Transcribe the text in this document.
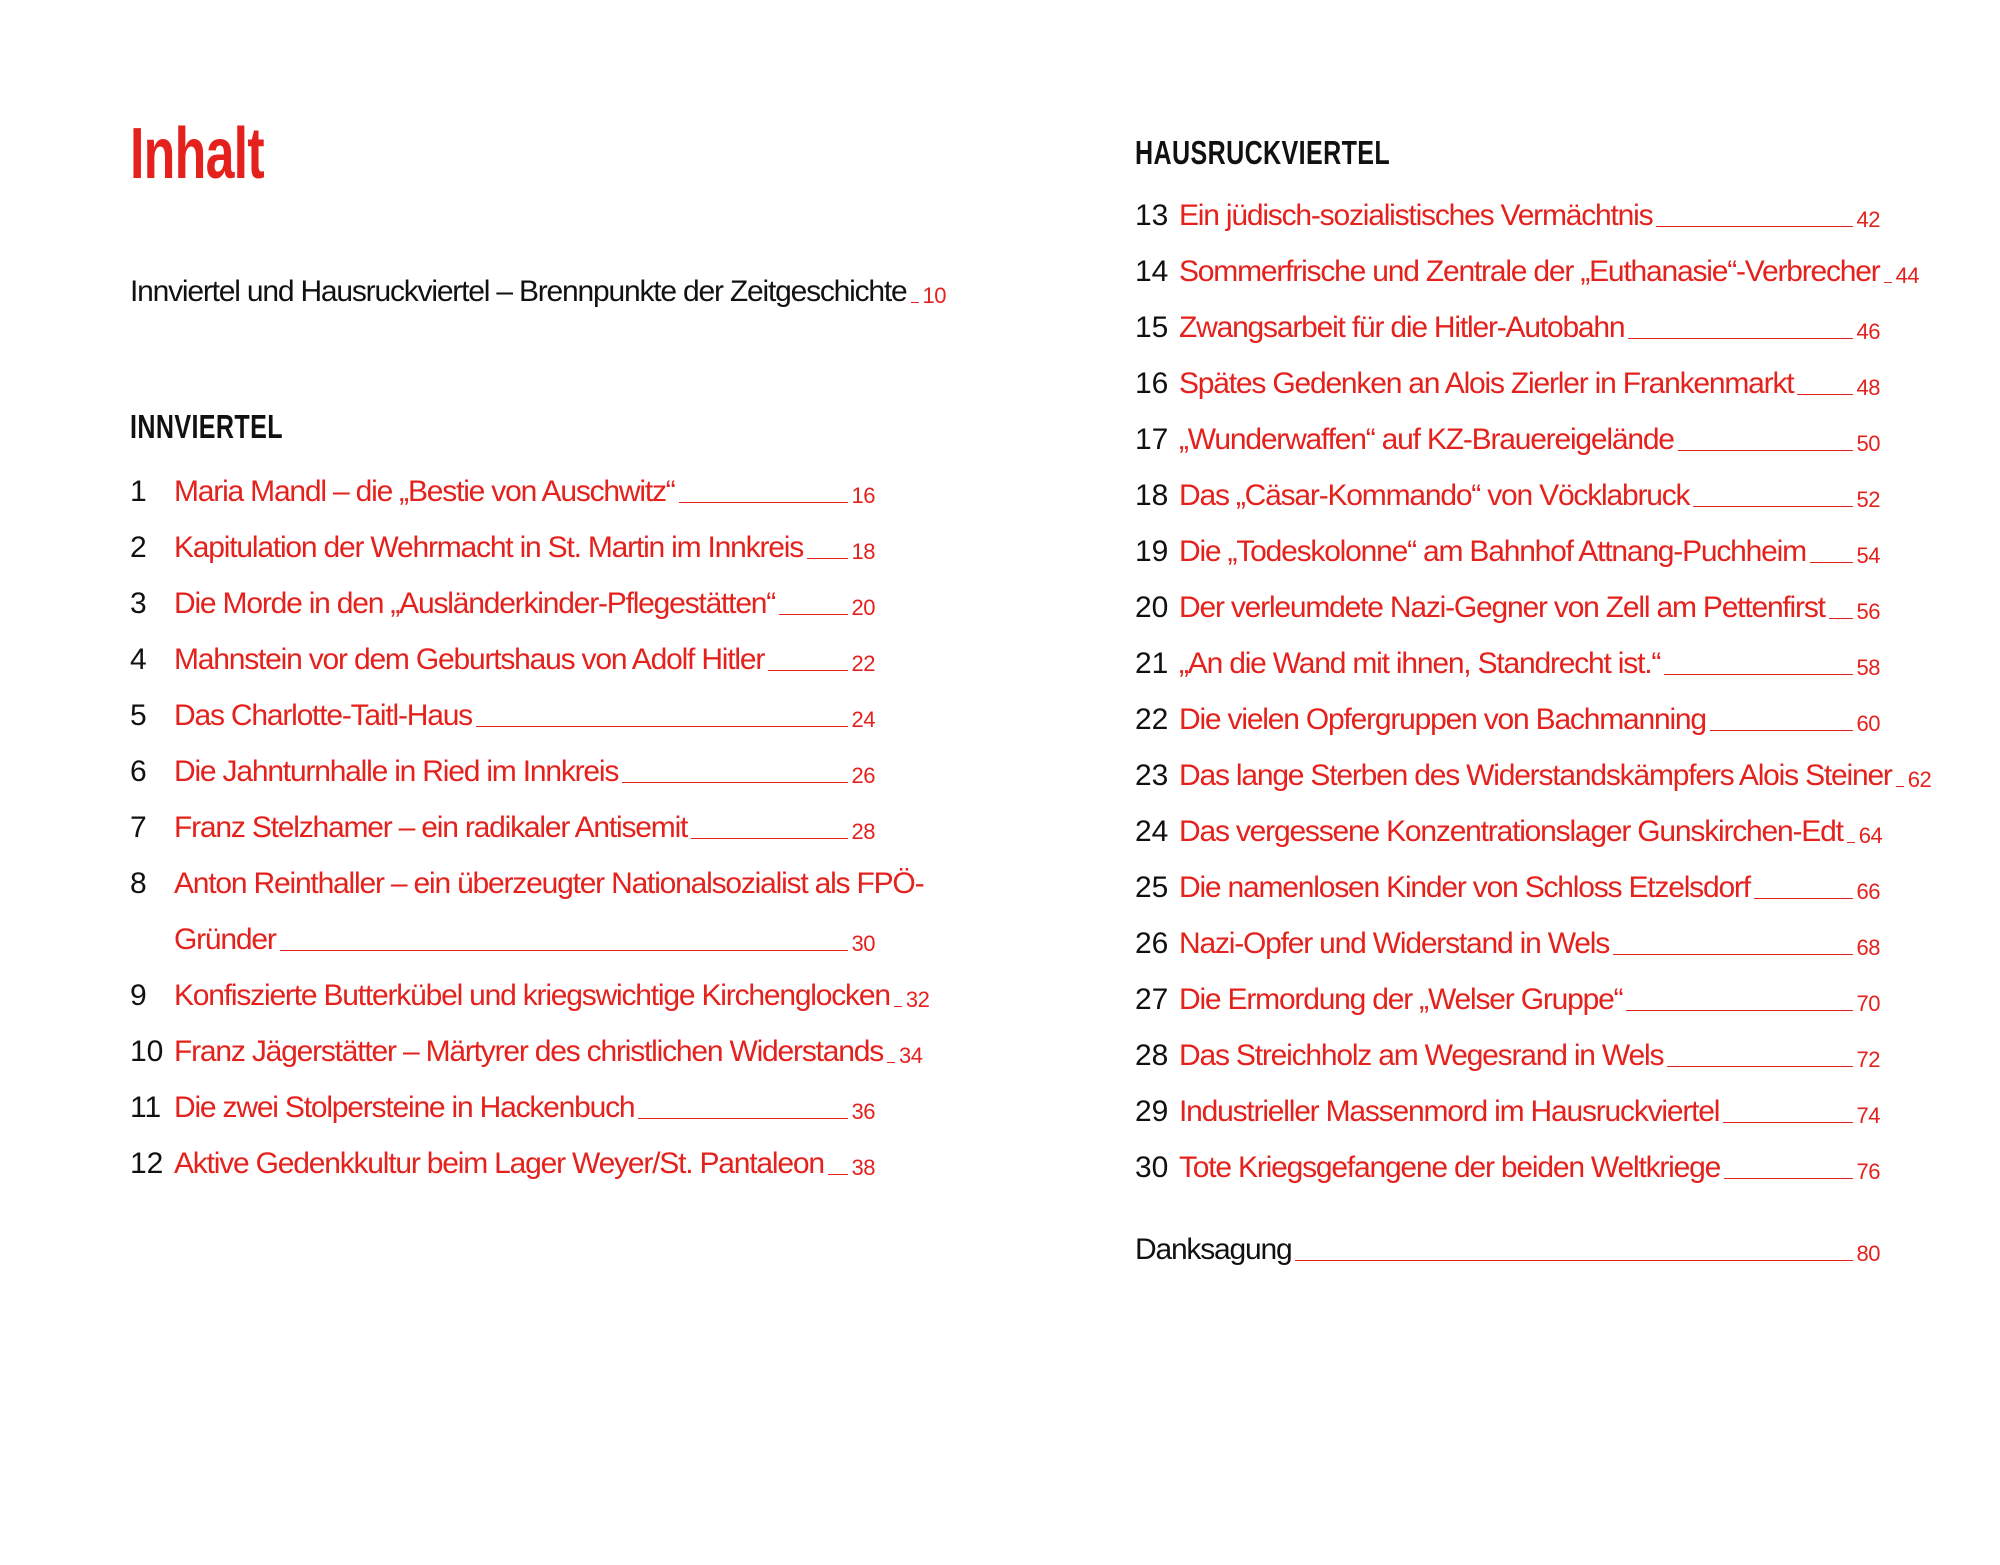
Inhalt
Innviertel und Hausruckviertel – Brennpunkte der Zeitgeschichte 10
INNVIERTEL
1 Maria Mandl – die „Bestie von Auschwitz“	16
2 Kapitulation der Wehrmacht in St. Martin im Innkreis 18
3 Die Morde in den „Ausländerkinder-Pflegestätten“	20
4 Mahnstein vor dem Geburtshaus von Adolf Hitler	22
5 Das Charlotte-Taitl-Haus	24
6 Die Jahnturnhalle in Ried im Innkreis	26
7 Franz Stelzhamer – ein radikaler Antisemit	28
8 Anton Reinthaller – ein überzeugter Nationalsozialist als FPÖ-
Gründer	30
9 Konfiszierte Butterkübel und kriegswichtige Kirchenglocken 32
10 Franz Jägerstätter – Märtyrer des christlichen Widerstands 34
11 Die zwei Stolpersteine in Hackenbuch	36
12 Aktive Gedenkkultur beim Lager Weyer/St. Pantaleon 38
HAUSRUCKVIERTEL
13 Ein jüdisch-sozialistisches Vermächtnis	42
14 Sommerfrische und Zentrale der „Euthanasie“-Verbrecher 44
15 Zwangsarbeit für die Hitler-Autobahn	46
16 Spätes Gedenken an Alois Zierler in Frankenmarkt	48
17 „Wunderwaffen“ auf KZ-Brauereigelände	50
18 Das „Cäsar-Kommando“ von Vöcklabruck	52
19 Die „Todeskolonne“ am Bahnhof Attnang-Puchheim 54
20 Der verleumdete Nazi-Gegner von Zell am Pettenfirst 56
21 „An die Wand mit ihnen, Standrecht ist.“	58
22 Die vielen Opfergruppen von Bachmanning	60
23 Das lange Sterben des Widerstandskämpfers Alois Steiner 62
24 Das vergessene Konzentrationslager Gunskirchen-Edt 64
25 Die namenlosen Kinder von Schloss Etzelsdorf	66
26 Nazi-Opfer und Widerstand in Wels	68
27 Die Ermordung der „Welser Gruppe“	70
28 Das Streichholz am Wegesrand in Wels	72
29 Industrieller Massenmord im Hausruckviertel	74
30 Tote Kriegsgefangene der beiden Weltkriege	76
Danksagung	80
